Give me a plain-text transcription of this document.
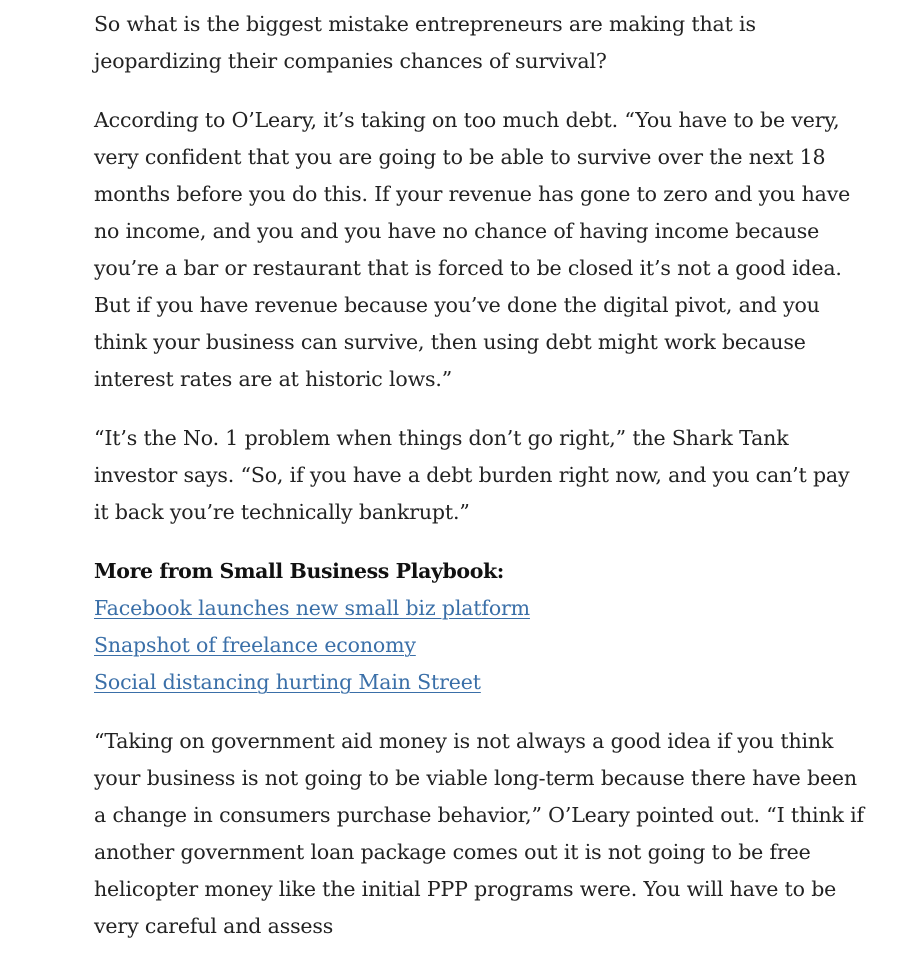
So what is the biggest mistake entrepreneurs are making that is jeopardizing their companies chances of survival?

According to O’Leary, it’s taking on too much debt. “You have to be very, very confident that you are going to be able to survive over the next 18 months before you do this. If your revenue has gone to zero and you have no income, and you and you have no chance of having income because you’re a bar or restaurant that is forced to be closed it’s not a good idea. But if you have revenue because you’ve done the digital pivot, and you think your business can survive, then using debt might work because interest rates are at historic lows.”

“It’s the No. 1 problem when things don’t go right,” the Shark Tank investor says. “So, if you have a debt burden right now, and you can’t pay it back you’re technically bankrupt.”

More from Small Business Playbook:
Facebook launches new small biz platform
Snapshot of freelance economy
Social distancing hurting Main Street

“Taking on government aid money is not always a good idea if you think your business is not going to be viable long-term because there have been a change in consumers purchase behavior,” O’Leary pointed out. “I think if another government loan package comes out it is not going to be free helicopter money like the initial PPP programs were. You will have to be very careful and assess
